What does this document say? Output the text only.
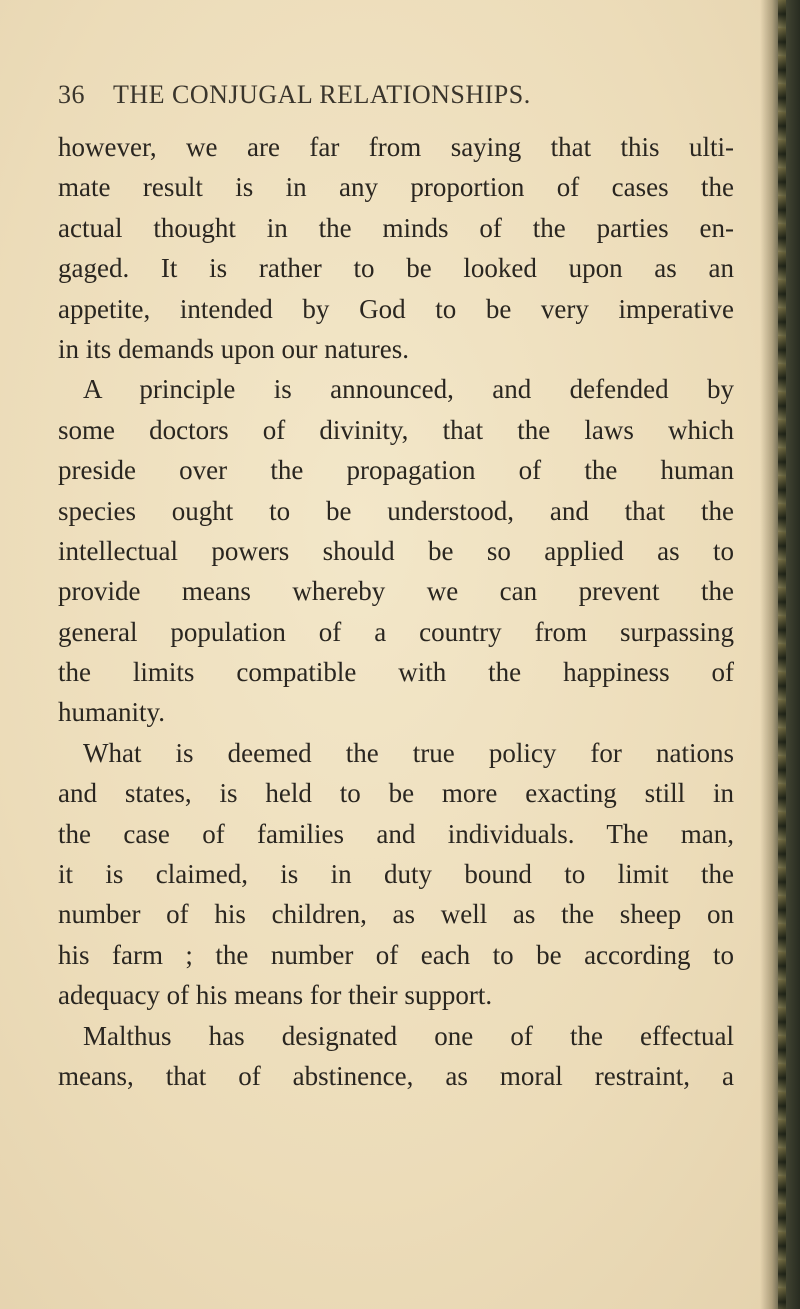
36 THE CONJUGAL RELATIONSHIPS.
however, we are far from saying that this ulti-
mate result is in any proportion of cases the
actual thought in the minds of the parties en-
gaged. It is rather to be looked upon as an
appetite, intended by God to be very imperative
in its demands upon our natures.
A principle is announced, and defended by
some doctors of divinity, that the laws which
preside over the propagation of the human
species ought to be understood, and that the
intellectual powers should be so applied as to
provide means whereby we can prevent the
general population of a country from surpassing
the limits compatible with the happiness of
humanity.
What is deemed the true policy for nations
and states, is held to be more exacting still in
the case of families and individuals. The man,
it is claimed, is in duty bound to limit the
number of his children, as well as the sheep on
his farm ; the number of each to be according to
adequacy of his means for their support.
Malthus has designated one of the effectual
means, that of abstinence, as moral restraint, a
